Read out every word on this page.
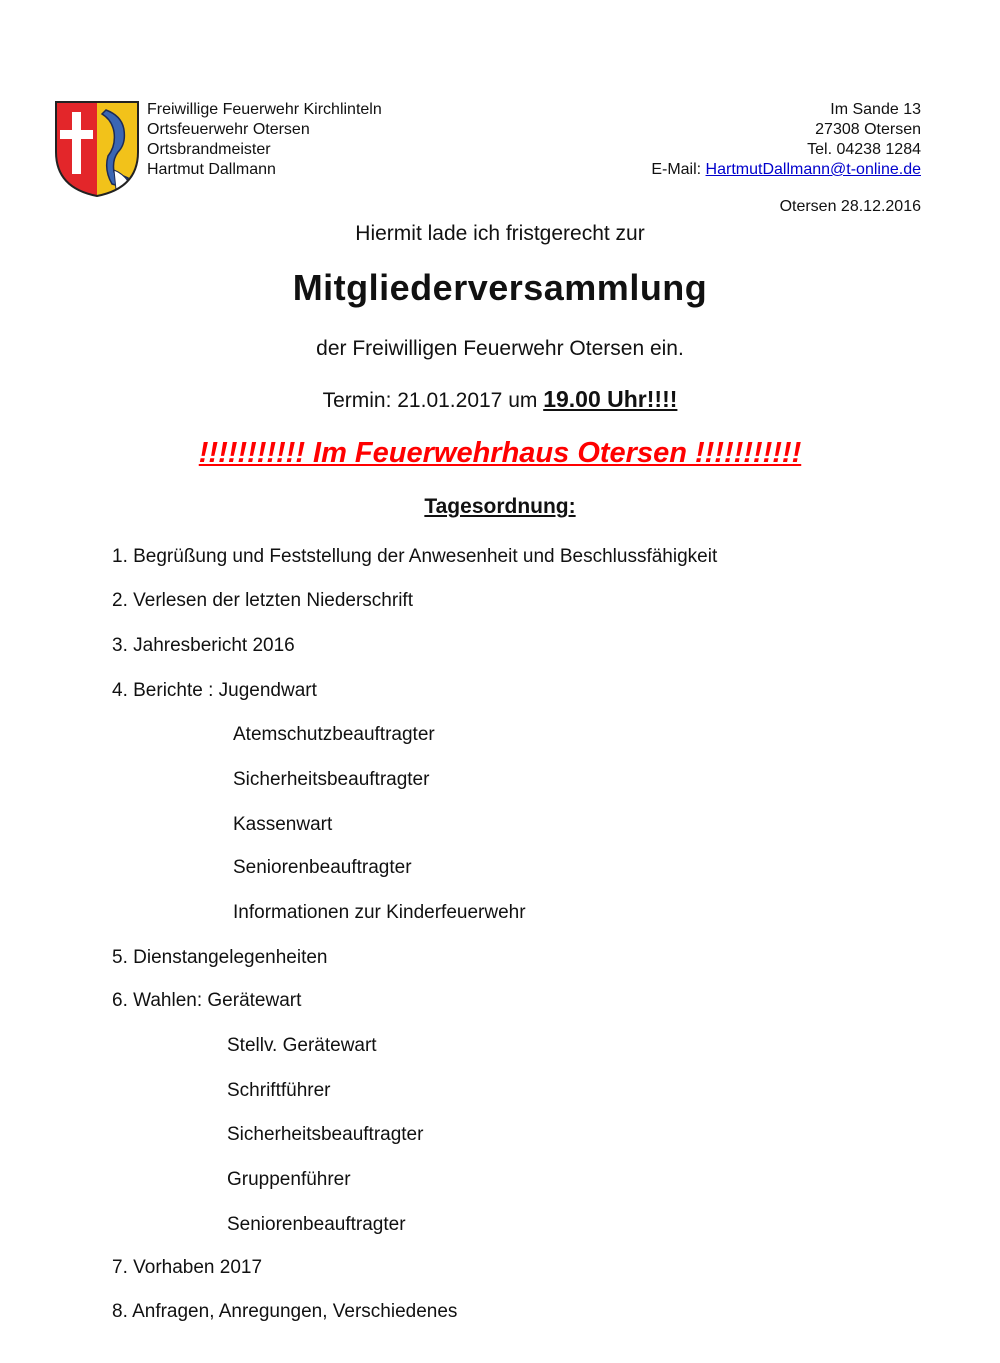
Freiwillige Feuerwehr Kirchlinteln
Ortsfeuerwehr Otersen
Ortsbrandmeister
Hartmut Dallmann
Im Sande 13
27308 Otersen
Tel. 04238 1284
E-Mail: HartmutDallmann@t-online.de
Otersen 28.12.2016
Hiermit lade ich fristgerecht zur
Mitgliederversammlung
der Freiwilligen Feuerwehr Otersen ein.
Termin: 21.01.2017 um 19.00 Uhr!!!!
!!!!!!!!!!! Im Feuerwehrhaus Otersen !!!!!!!!!!!
Tagesordnung:
1. Begrüßung und Feststellung der Anwesenheit und Beschlussfähigkeit
2. Verlesen der letzten Niederschrift
3. Jahresbericht 2016
4. Berichte : Jugendwart
Atemschutzbeauftragter
Sicherheitsbeauftragter
Kassenwart
Seniorenbeauftragter
Informationen zur Kinderfeuerwehr
5. Dienstangelegenheiten
6. Wahlen: Gerätewart
Stellv. Gerätewart
Schriftführer
Sicherheitsbeauftragter
Gruppenführer
Seniorenbeauftragter
7. Vorhaben 2017
8. Anfragen, Anregungen, Verschiedenes
